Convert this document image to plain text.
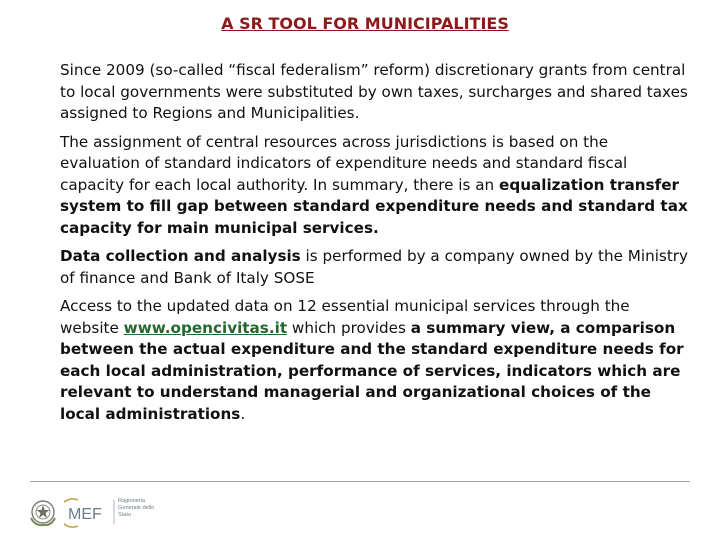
A SR TOOL FOR MUNICIPALITIES

Since 2009 (so-called “fiscal federalism” reform) discretionary grants from central to local governments were substituted by own taxes, surcharges and shared taxes assigned to Regions and Municipalities.

The assignment of central resources across jurisdictions is based on the evaluation of standard indicators of expenditure needs and standard fiscal capacity for each local authority. In summary, there is an equalization transfer system to fill gap between standard expenditure needs and standard tax capacity for main municipal services.

Data collection and analysis is performed by a company owned by the Ministry of finance and Bank of Italy SOSE

Access to the updated data on 12 essential municipal services through the website www.opencivitas.it which provides a summary view, a comparison between the actual expenditure and the standard expenditure needs for each local administration, performance of services, indicators which are relevant to understand managerial and organizational choices of the local administrations.

MEF
Ragioneria Generale dello Stato
